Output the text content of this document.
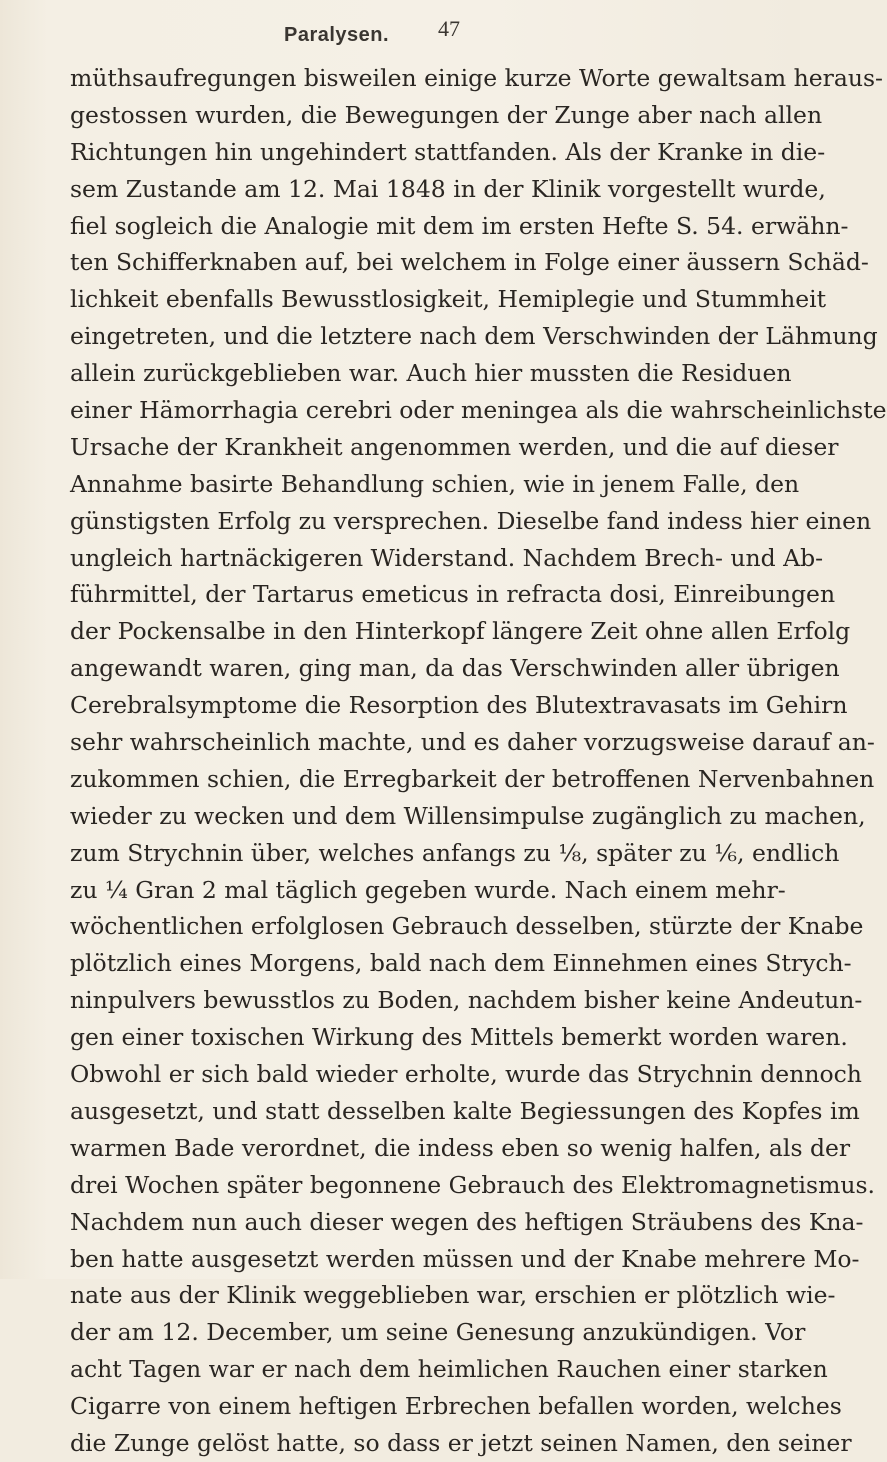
Paralysen. 47
müthsaufregungen bisweilen einige kurze Worte gewaltsam heraus-
gestossen wurden, die Bewegungen der Zunge aber nach allen
Richtungen hin ungehindert stattfanden. Als der Kranke in die-
sem Zustande am 12. Mai 1848 in der Klinik vorgestellt wurde,
fiel sogleich die Analogie mit dem im ersten Hefte S. 54. erwähn-
ten Schifferknaben auf, bei welchem in Folge einer äussern Schäd-
lichkeit ebenfalls Bewusstlosigkeit, Hemiplegie und Stummheit
eingetreten, und die letztere nach dem Verschwinden der Lähmung
allein zurückgeblieben war. Auch hier mussten die Residuen
einer Hämorrhagia cerebri oder meningea als die wahrscheinlichste
Ursache der Krankheit angenommen werden, und die auf dieser
Annahme basirte Behandlung schien, wie in jenem Falle, den
günstigsten Erfolg zu versprechen. Dieselbe fand indess hier einen
ungleich hartnäckigeren Widerstand. Nachdem Brech- und Ab-
führmittel, der Tartarus emeticus in refracta dosi, Einreibungen
der Pockensalbe in den Hinterkopf längere Zeit ohne allen Erfolg
angewandt waren, ging man, da das Verschwinden aller übrigen
Cerebralsymptome die Resorption des Blutextravasats im Gehirn
sehr wahrscheinlich machte, und es daher vorzugsweise darauf an-
zukommen schien, die Erregbarkeit der betroffenen Nervenbahnen
wieder zu wecken und dem Willensimpulse zugänglich zu machen,
zum Strychnin über, welches anfangs zu ⅛, später zu ⅙, endlich
zu ¼ Gran 2 mal täglich gegeben wurde. Nach einem mehr-
wöchentlichen erfolglosen Gebrauch desselben, stürzte der Knabe
plötzlich eines Morgens, bald nach dem Einnehmen eines Strych-
ninpulvers bewusstlos zu Boden, nachdem bisher keine Andeutun-
gen einer toxischen Wirkung des Mittels bemerkt worden waren.
Obwohl er sich bald wieder erholte, wurde das Strychnin dennoch
ausgesetzt, und statt desselben kalte Begiessungen des Kopfes im
warmen Bade verordnet, die indess eben so wenig halfen, als der
drei Wochen später begonnene Gebrauch des Elektromagnetismus.
Nachdem nun auch dieser wegen des heftigen Sträubens des Kna-
ben hatte ausgesetzt werden müssen und der Knabe mehrere Mo-
nate aus der Klinik weggeblieben war, erschien er plötzlich wie-
der am 12. December, um seine Genesung anzukündigen. Vor
acht Tagen war er nach dem heimlichen Rauchen einer starken
Cigarre von einem heftigen Erbrechen befallen worden, welches
die Zunge gelöst hatte, so dass er jetzt seinen Namen, den seiner
